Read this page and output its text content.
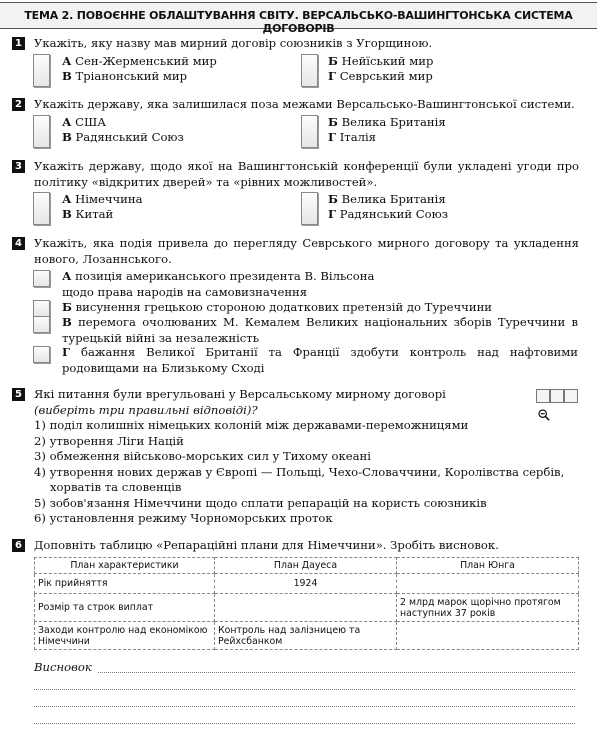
ТЕМА 2. ПОВОЄННЕ ОБЛАШТУВАННЯ СВІТУ. ВЕРСАЛЬСЬКО-ВАШИНГТОНСЬКА СИСТЕМА ДОГОВОРІВ
1 Укажіть, яку назву мав мирний договір союзників з Угорщиною.
А Сен-Жерменський мир	Б Нейїський мир
В Тріанонський мир	Г Севрський мир
2 Укажіть державу, яка залишилася поза межами Версальсько-Вашингтонської системи.
А США	Б Велика Британія
В Радянський Союз	Г Італія
3 Укажіть державу, щодо якої на Вашингтонській конференції були укладені угоди про політику «відкритих дверей» та «рівних можливостей».
А Німеччина	Б Велика Британія
В Китай	Г Радянський Союз
4 Укажіть, яка подія привела до перегляду Севрського мирного договору та укладення нового, Лозаннського.
А позиція американського президента В. Вільсона щодо права народів на самовизначення
Б висунення грецькою стороною додаткових претензій до Туреччини
В перемога очолюваних М. Кемалем Великих національних зборів Туреччини в турецькій війні за незалежність
Г бажання Великої Британії та Франції здобути контроль над нафтовими родовищами на Близькому Сході
5 Які питання були врегульовані у Версальському мирному договорі
(виберіть три правильні відповіді)?
1) поділ колишніх німецьких колоній між державами-переможницями
2) утворення Ліги Націй
3) обмеження військово-морських сил у Тихому океані
4) утворення нових держав у Європі — Польщі, Чехо-Словаччини, Королівства сербів, хорватів та словенців
5) зобов'язання Німеччини щодо сплати репарацій на користь союзників
6) установлення режиму Чорноморських проток
6 Доповніть таблицю «Репараційні плани для Німеччини». Зробіть висновок.
План характеристики	План Дауеса	План Юнга
Рік прийняття	1924	
Розмір та строк виплат		2 млрд марок щорічно протягом наступних 37 років
Заходи контролю над економікою Німеччини	Контроль над залізницею та Рейхсбанком	
Висновок
